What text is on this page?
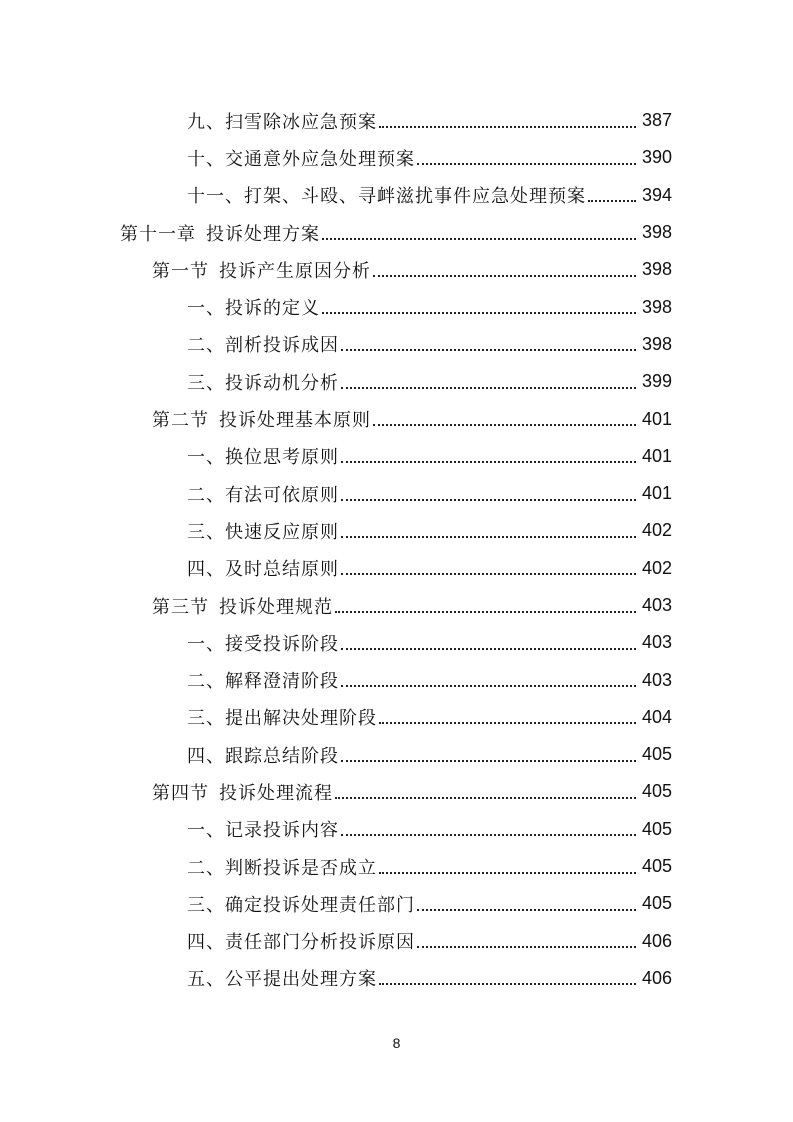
九、扫雪除冰应急预案	387
十、交通意外应急处理预案	390
十一、打架、斗殴、寻衅滋扰事件应急处理预案	394
第十一章 投诉处理方案	398
第一节 投诉产生原因分析	398
一、投诉的定义	398
二、剖析投诉成因	398
三、投诉动机分析	399
第二节 投诉处理基本原则	401
一、换位思考原则	401
二、有法可依原则	401
三、快速反应原则	402
四、及时总结原则	402
第三节 投诉处理规范	403
一、接受投诉阶段	403
二、解释澄清阶段	403
三、提出解决处理阶段	404
四、跟踪总结阶段	405
第四节 投诉处理流程	405
一、记录投诉内容	405
二、判断投诉是否成立	405
三、确定投诉处理责任部门	405
四、责任部门分析投诉原因	406
五、公平提出处理方案	406
8
